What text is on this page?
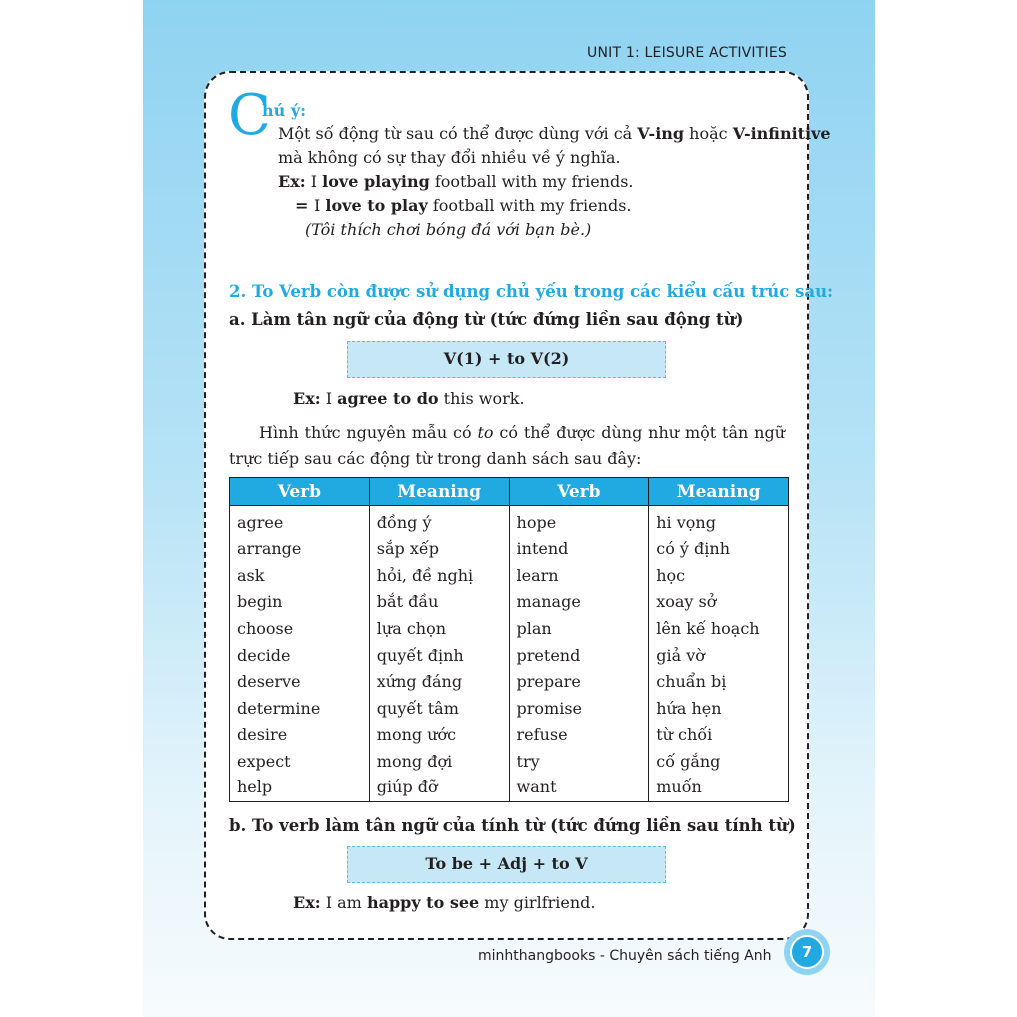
UNIT 1: LEISURE ACTIVITIES
C
hú ý:
Một số động từ sau có thể được dùng với cả V-ing hoặc V-infinitive
mà không có sự thay đổi nhiều về ý nghĩa.
Ex: I love playing football with my friends.
= I love to play football with my friends.
(Tôi thích chơi bóng đá với bạn bè.)
2. To Verb còn được sử dụng chủ yếu trong các kiểu cấu trúc sau:
a. Làm tân ngữ của động từ (tức đứng liền sau động từ)
V(1) + to V(2)
Ex: I agree to do this work.
Hình thức nguyên mẫu có to có thể được dùng như một tân ngữ trực tiếp sau các động từ trong danh sách sau đây:
Verb	Meaning	Verb	Meaning
agree	đồng ý	hope	hi vọng
arrange	sắp xếp	intend	có ý định
ask	hỏi, đề nghị	learn	học
begin	bắt đầu	manage	xoay sở
choose	lựa chọn	plan	lên kế hoạch
decide	quyết định	pretend	giả vờ
deserve	xứng đáng	prepare	chuẩn bị
determine	quyết tâm	promise	hứa hẹn
desire	mong ước	refuse	từ chối
expect	mong đợi	try	cố gắng
help	giúp đỡ	want	muốn
b. To verb làm tân ngữ của tính từ (tức đứng liền sau tính từ)
To be + Adj + to V
Ex: I am happy to see my girlfriend.
minhthangbooks - Chuyên sách tiếng Anh	7
